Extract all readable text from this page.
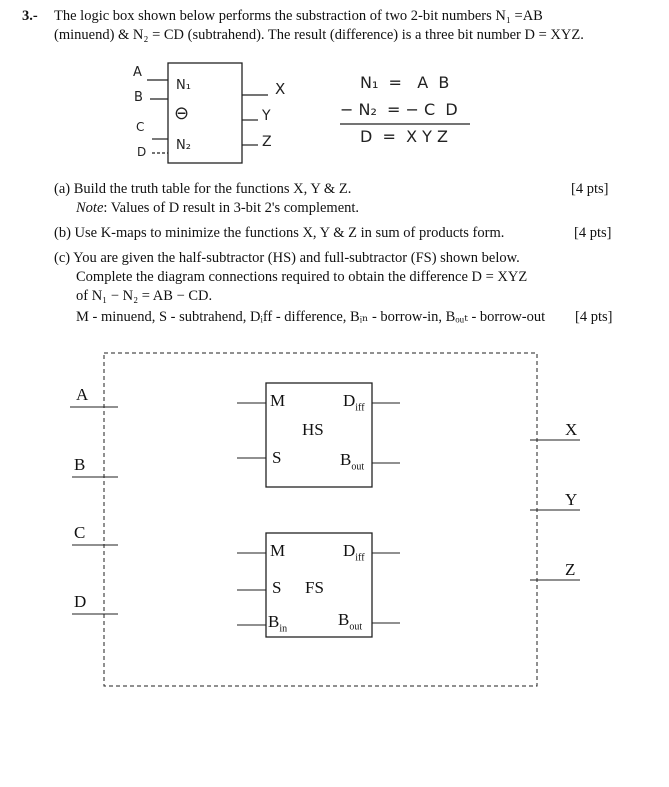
3.- The logic box shown below performs the substraction of two 2-bit numbers N₁ =AB
(minuend) & N₂ = CD (subtrahend). The result (difference) is a three bit number D = XYZ.
A
B
C
D
N₁
⊖
N₂
X
Y
Z
N₁  =   A  B
− N₂  = − C  D
D  =  X Y Z
(a) Build the truth table for the functions X, Y & Z.	[4 pts]
Note: Values of D result in 3-bit 2's complement.
(b) Use K-maps to minimize the functions X, Y & Z in sum of products form.	[4 pts]
(c) You are given the half-subtractor (HS) and full-subtractor (FS) shown below.
Complete the diagram connections required to obtain the difference D = XYZ
of N₁ − N₂ = AB − CD.
M - minuend, S - subtrahend, Dᵢff - difference, Bᵢₙ - borrow-in, Bₒᵤₜ - borrow-out [4 pts]
A
B
C
D
X
Y
Z
M
S
HS
$D_{iff}$
$B_{out}$
M
S FS
$B_{in}$
$D_{iff}$
$B_{out}$
